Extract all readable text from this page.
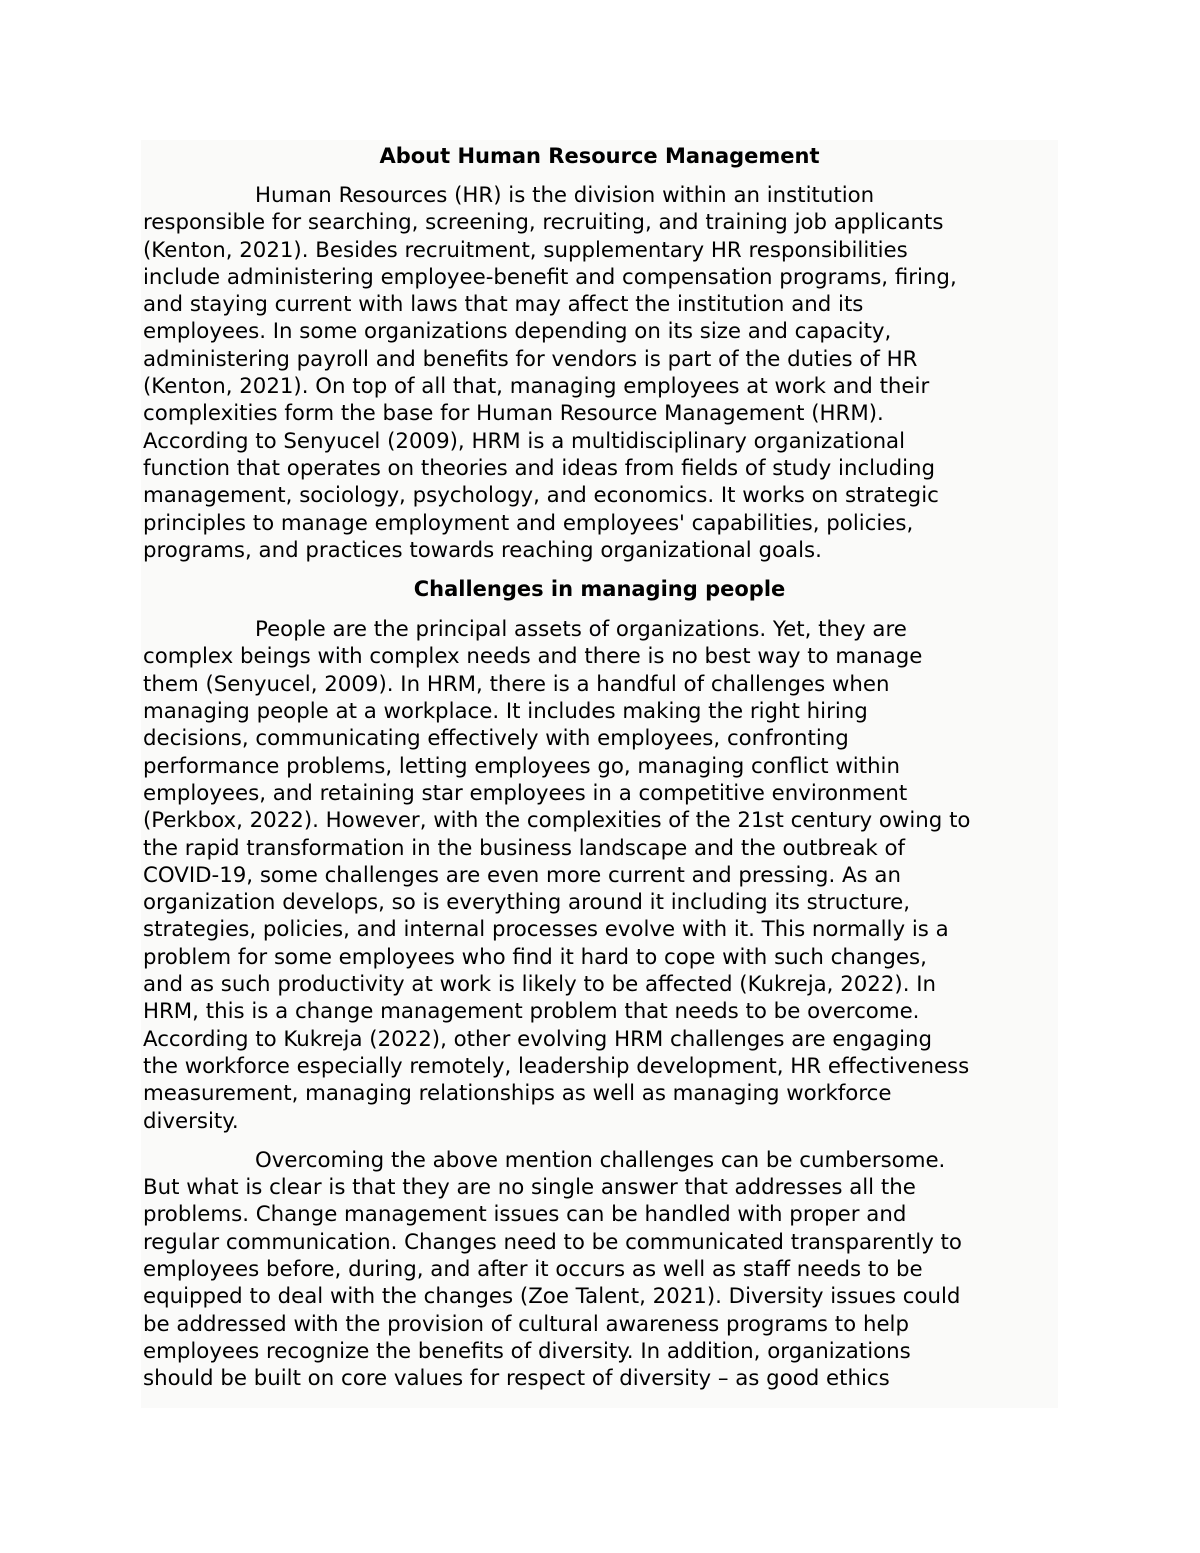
About Human Resource Management
Human Resources (HR) is the division within an institution
responsible for searching, screening, recruiting, and training job applicants
(Kenton, 2021). Besides recruitment, supplementary HR responsibilities
include administering employee-benefit and compensation programs, firing,
and staying current with laws that may affect the institution and its
employees. In some organizations depending on its size and capacity,
administering payroll and benefits for vendors is part of the duties of HR
(Kenton, 2021). On top of all that, managing employees at work and their
complexities form the base for Human Resource Management (HRM).
According to Senyucel (2009), HRM is a multidisciplinary organizational
function that operates on theories and ideas from fields of study including
management, sociology, psychology, and economics. It works on strategic
principles to manage employment and employees' capabilities, policies,
programs, and practices towards reaching organizational goals.
Challenges in managing people
People are the principal assets of organizations. Yet, they are
complex beings with complex needs and there is no best way to manage
them (Senyucel, 2009). In HRM, there is a handful of challenges when
managing people at a workplace. It includes making the right hiring
decisions, communicating effectively with employees, confronting
performance problems, letting employees go, managing conflict within
employees, and retaining star employees in a competitive environment
(Perkbox, 2022). However, with the complexities of the 21st century owing to
the rapid transformation in the business landscape and the outbreak of
COVID-19, some challenges are even more current and pressing. As an
organization develops, so is everything around it including its structure,
strategies, policies, and internal processes evolve with it. This normally is a
problem for some employees who find it hard to cope with such changes,
and as such productivity at work is likely to be affected (Kukreja, 2022). In
HRM, this is a change management problem that needs to be overcome.
According to Kukreja (2022), other evolving HRM challenges are engaging
the workforce especially remotely, leadership development, HR effectiveness
measurement, managing relationships as well as managing workforce
diversity.
Overcoming the above mention challenges can be cumbersome.
But what is clear is that they are no single answer that addresses all the
problems. Change management issues can be handled with proper and
regular communication. Changes need to be communicated transparently to
employees before, during, and after it occurs as well as staff needs to be
equipped to deal with the changes (Zoe Talent, 2021). Diversity issues could
be addressed with the provision of cultural awareness programs to help
employees recognize the benefits of diversity. In addition, organizations
should be built on core values for respect of diversity – as good ethics
